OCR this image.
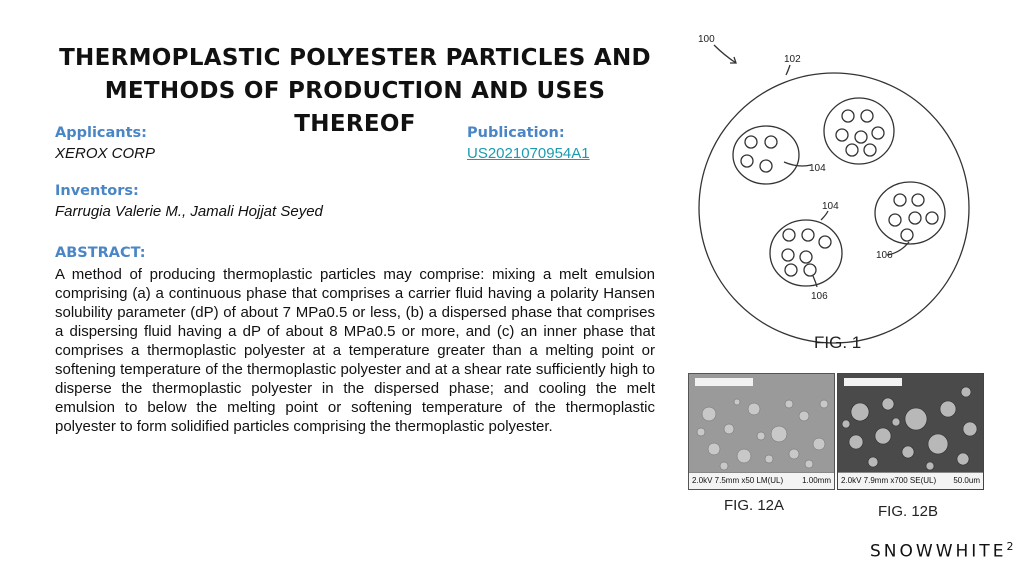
THERMOPLASTIC POLYESTER PARTICLES AND
METHODS OF PRODUCTION AND USES THEREOF
Applicants:
XEROX CORP
Publication:
US2021070954A1
Inventors:
Farrugia Valerie M., Jamali Hojjat Seyed
ABSTRACT:

A method of producing thermoplastic particles may comprise: mixing a melt emulsion comprising (a) a continuous phase that comprises a carrier fluid having a polarity Hansen solubility parameter (dP) of about 7 MPa0.5 or less, (b) a dispersed phase that comprises a dispersing fluid having a dP of about 8 MPa0.5 or more, and (c) an inner phase that comprises a thermoplastic polyester at a temperature greater than a melting point or softening temperature of the thermoplastic polyester and at a shear rate sufficiently high to disperse the thermoplastic polyester in the dispersed phase; and cooling the melt emulsion to below the melting point or softening temperature of the thermoplastic polyester to form solidified particles comprising the thermoplastic polyester.

100
102
104
104
106
106
FIG. 1
2.0kV 7.5mm x50 LM(UL) 1.00mm
FIG. 12A
2.0kV 7.9mm x700 SE(UL) 50.0um
FIG. 12B
SNOWWHITE$^2$
